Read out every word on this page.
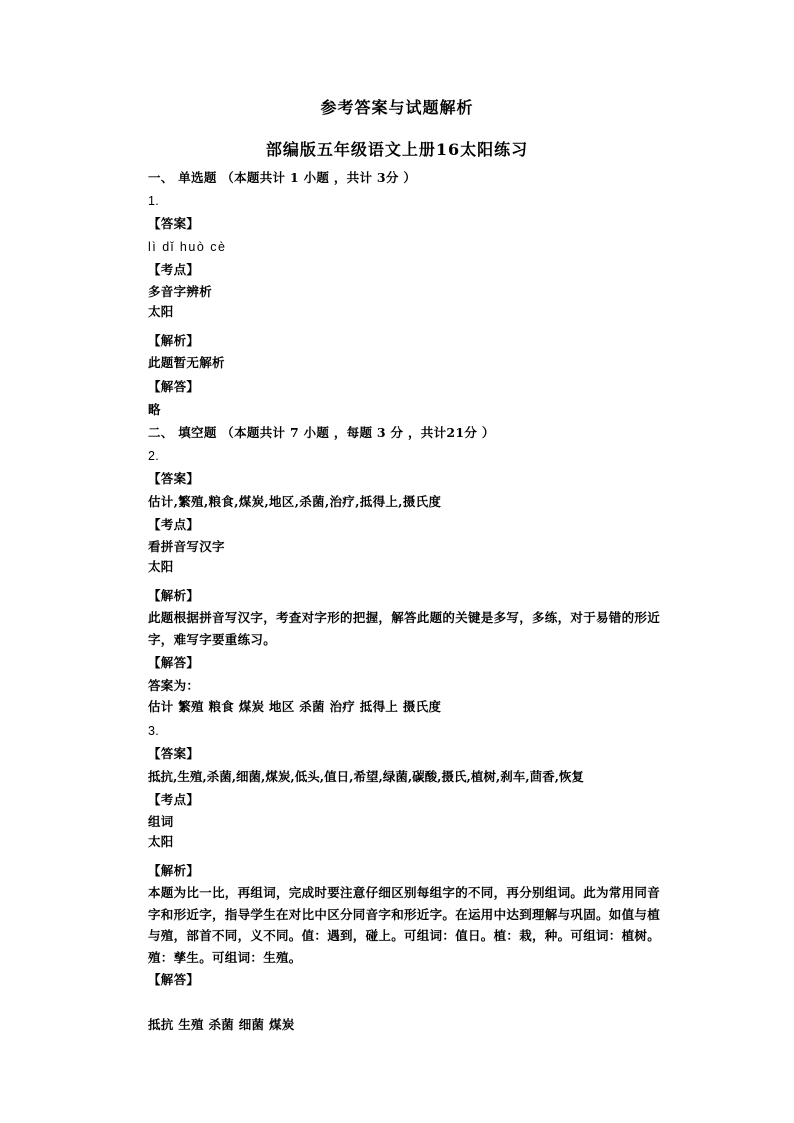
参考答案与试题解析
部编版五年级语文上册16太阳练习
一、 单选题 （本题共计 1 小题 ，共计 3分 ）
1.
【答案】
lì dǐ huò cè
【考点】
多音字辨析
太阳
【解析】
此题暂无解析
【解答】
略
二、 填空题 （本题共计 7 小题 ，每题 3 分 ，共计21分 ）
2.
【答案】
估计,繁殖,粮食,煤炭,地区,杀菌,治疗,抵得上,摄氏度
【考点】
看拼音写汉字
太阳
【解析】
此题根据拼音写汉字，考查对字形的把握，解答此题的关键是多写，多练，对于易错的形近字，难写字要重练习。
【解答】
答案为：
估计 繁殖 粮食 煤炭 地区 杀菌 治疗 抵得上 摄氏度
3.
【答案】
抵抗,生殖,杀菌,细菌,煤炭,低头,值日,希望,绿菌,碳酸,摄氏,植树,刹车,茴香,恢复
【考点】
组词
太阳
【解析】
本题为比一比，再组词，完成时要注意仔细区别每组字的不同，再分别组词。此为常用同音字和形近字，指导学生在对比中区分同音字和形近字。在运用中达到理解与巩固。如值与植与殖，部首不同，义不同。值：遇到，碰上。可组词：值日。植：栽，种。可组词：植树。殖：孳生。可组词：生殖。
【解答】
抵抗 生殖 杀菌 细菌 煤炭
